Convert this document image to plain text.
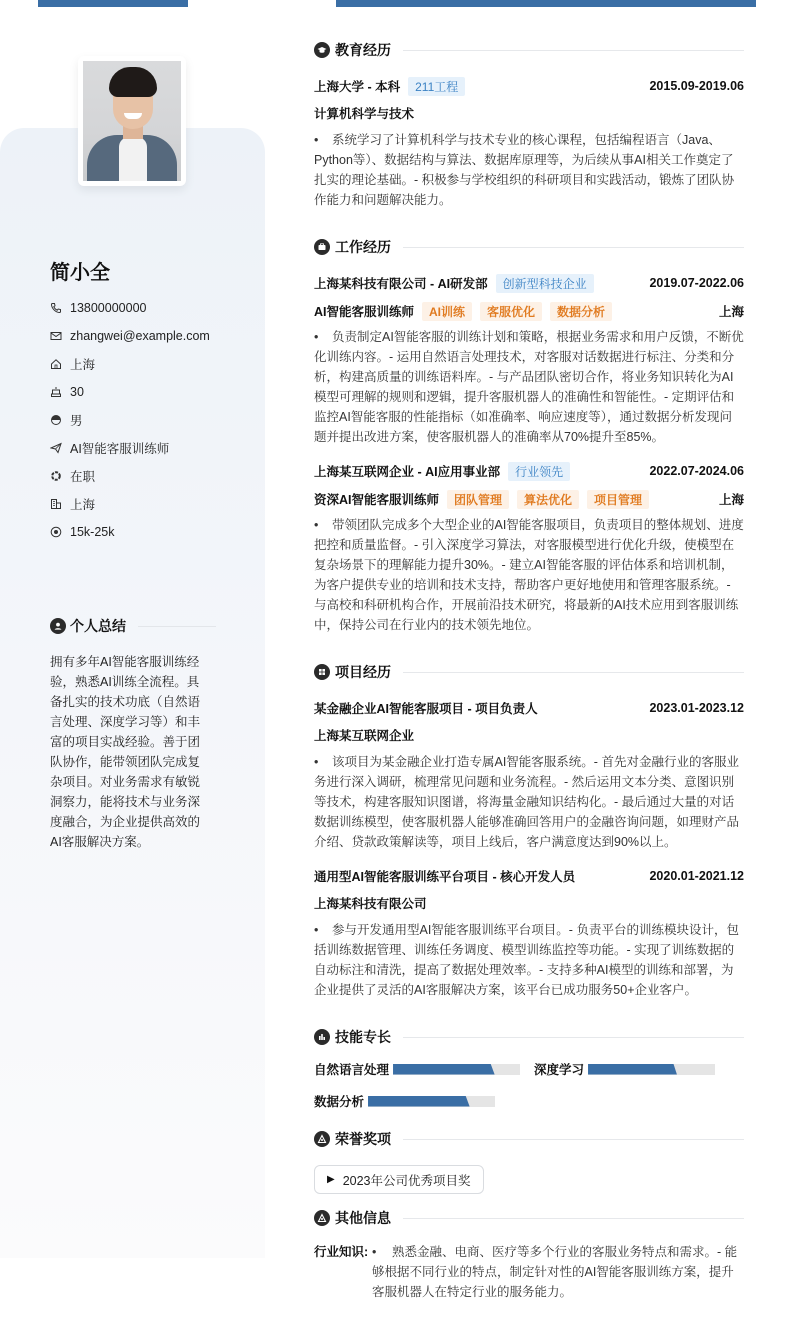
简小全
13800000000
zhangwei@example.com
上海
30
男
AI智能客服训练师
在职
上海
15k-25k
个人总结
拥有多年AI智能客服训练经验，熟悉AI训练全流程。具备扎实的技术功底（自然语言处理、深度学习等）和丰富的项目实战经验。善于团队协作，能带领团队完成复杂项目。对业务需求有敏锐洞察力，能将技术与业务深度融合，为企业提供高效的AI客服解决方案。
教育经历
上海大学 - 本科	211工程	2015.09-2019.06
计算机科学与技术
• 系统学习了计算机科学与技术专业的核心课程，包括编程语言（Java、Python等）、数据结构与算法、数据库原理等，为后续从事AI相关工作奠定了扎实的理论基础。- 积极参与学校组织的科研项目和实践活动，锻炼了团队协作能力和问题解决能力。
工作经历
上海某科技有限公司 - AI研发部	创新型科技企业	2019.07-2022.06
AI智能客服训练师	AI训练	客服优化	数据分析	上海
• 负责制定AI智能客服的训练计划和策略，根据业务需求和用户反馈，不断优化训练内容。- 运用自然语言处理技术，对客服对话数据进行标注、分类和分析，构建高质量的训练语料库。- 与产品团队密切合作，将业务知识转化为AI模型可理解的规则和逻辑，提升客服机器人的准确性和智能性。- 定期评估和监控AI智能客服的性能指标（如准确率、响应速度等），通过数据分析发现问题并提出改进方案，使客服机器人的准确率从70%提升至85%。
上海某互联网企业 - AI应用事业部	行业领先	2022.07-2024.06
资深AI智能客服训练师	团队管理	算法优化	项目管理	上海
• 带领团队完成多个大型企业的AI智能客服项目，负责项目的整体规划、进度把控和质量监督。- 引入深度学习算法，对客服模型进行优化升级，使模型在复杂场景下的理解能力提升30%。- 建立AI智能客服的评估体系和培训机制，为客户提供专业的培训和技术支持，帮助客户更好地使用和管理客服系统。- 与高校和科研机构合作，开展前沿技术研究，将最新的AI技术应用到客服训练中，保持公司在行业内的技术领先地位。
项目经历
某金融企业AI智能客服项目 - 项目负责人	2023.01-2023.12
上海某互联网企业
• 该项目为某金融企业打造专属AI智能客服系统。- 首先对金融行业的客服业务进行深入调研，梳理常见问题和业务流程。- 然后运用文本分类、意图识别等技术，构建客服知识图谱，将海量金融知识结构化。- 最后通过大量的对话数据训练模型，使客服机器人能够准确回答用户的金融咨询问题，如理财产品介绍、贷款政策解读等，项目上线后，客户满意度达到90%以上。
通用型AI智能客服训练平台项目 - 核心开发人员	2020.01-2021.12
上海某科技有限公司
• 参与开发通用型AI智能客服训练平台项目。- 负责平台的训练模块设计，包括训练数据管理、训练任务调度、模型训练监控等功能。- 实现了训练数据的自动标注和清洗，提高了数据处理效率。- 支持多种AI模型的训练和部署，为企业提供了灵活的AI客服解决方案，该平台已成功服务50+企业客户。
技能专长
自然语言处理	深度学习
数据分析
荣誉奖项
▶ 2023年公司优秀项目奖
其他信息
行业知识: • 熟悉金融、电商、医疗等多个行业的客服业务特点和需求。- 能够根据不同行业的特点，制定针对性的AI智能客服训练方案，提升客服机器人在特定行业的服务能力。
